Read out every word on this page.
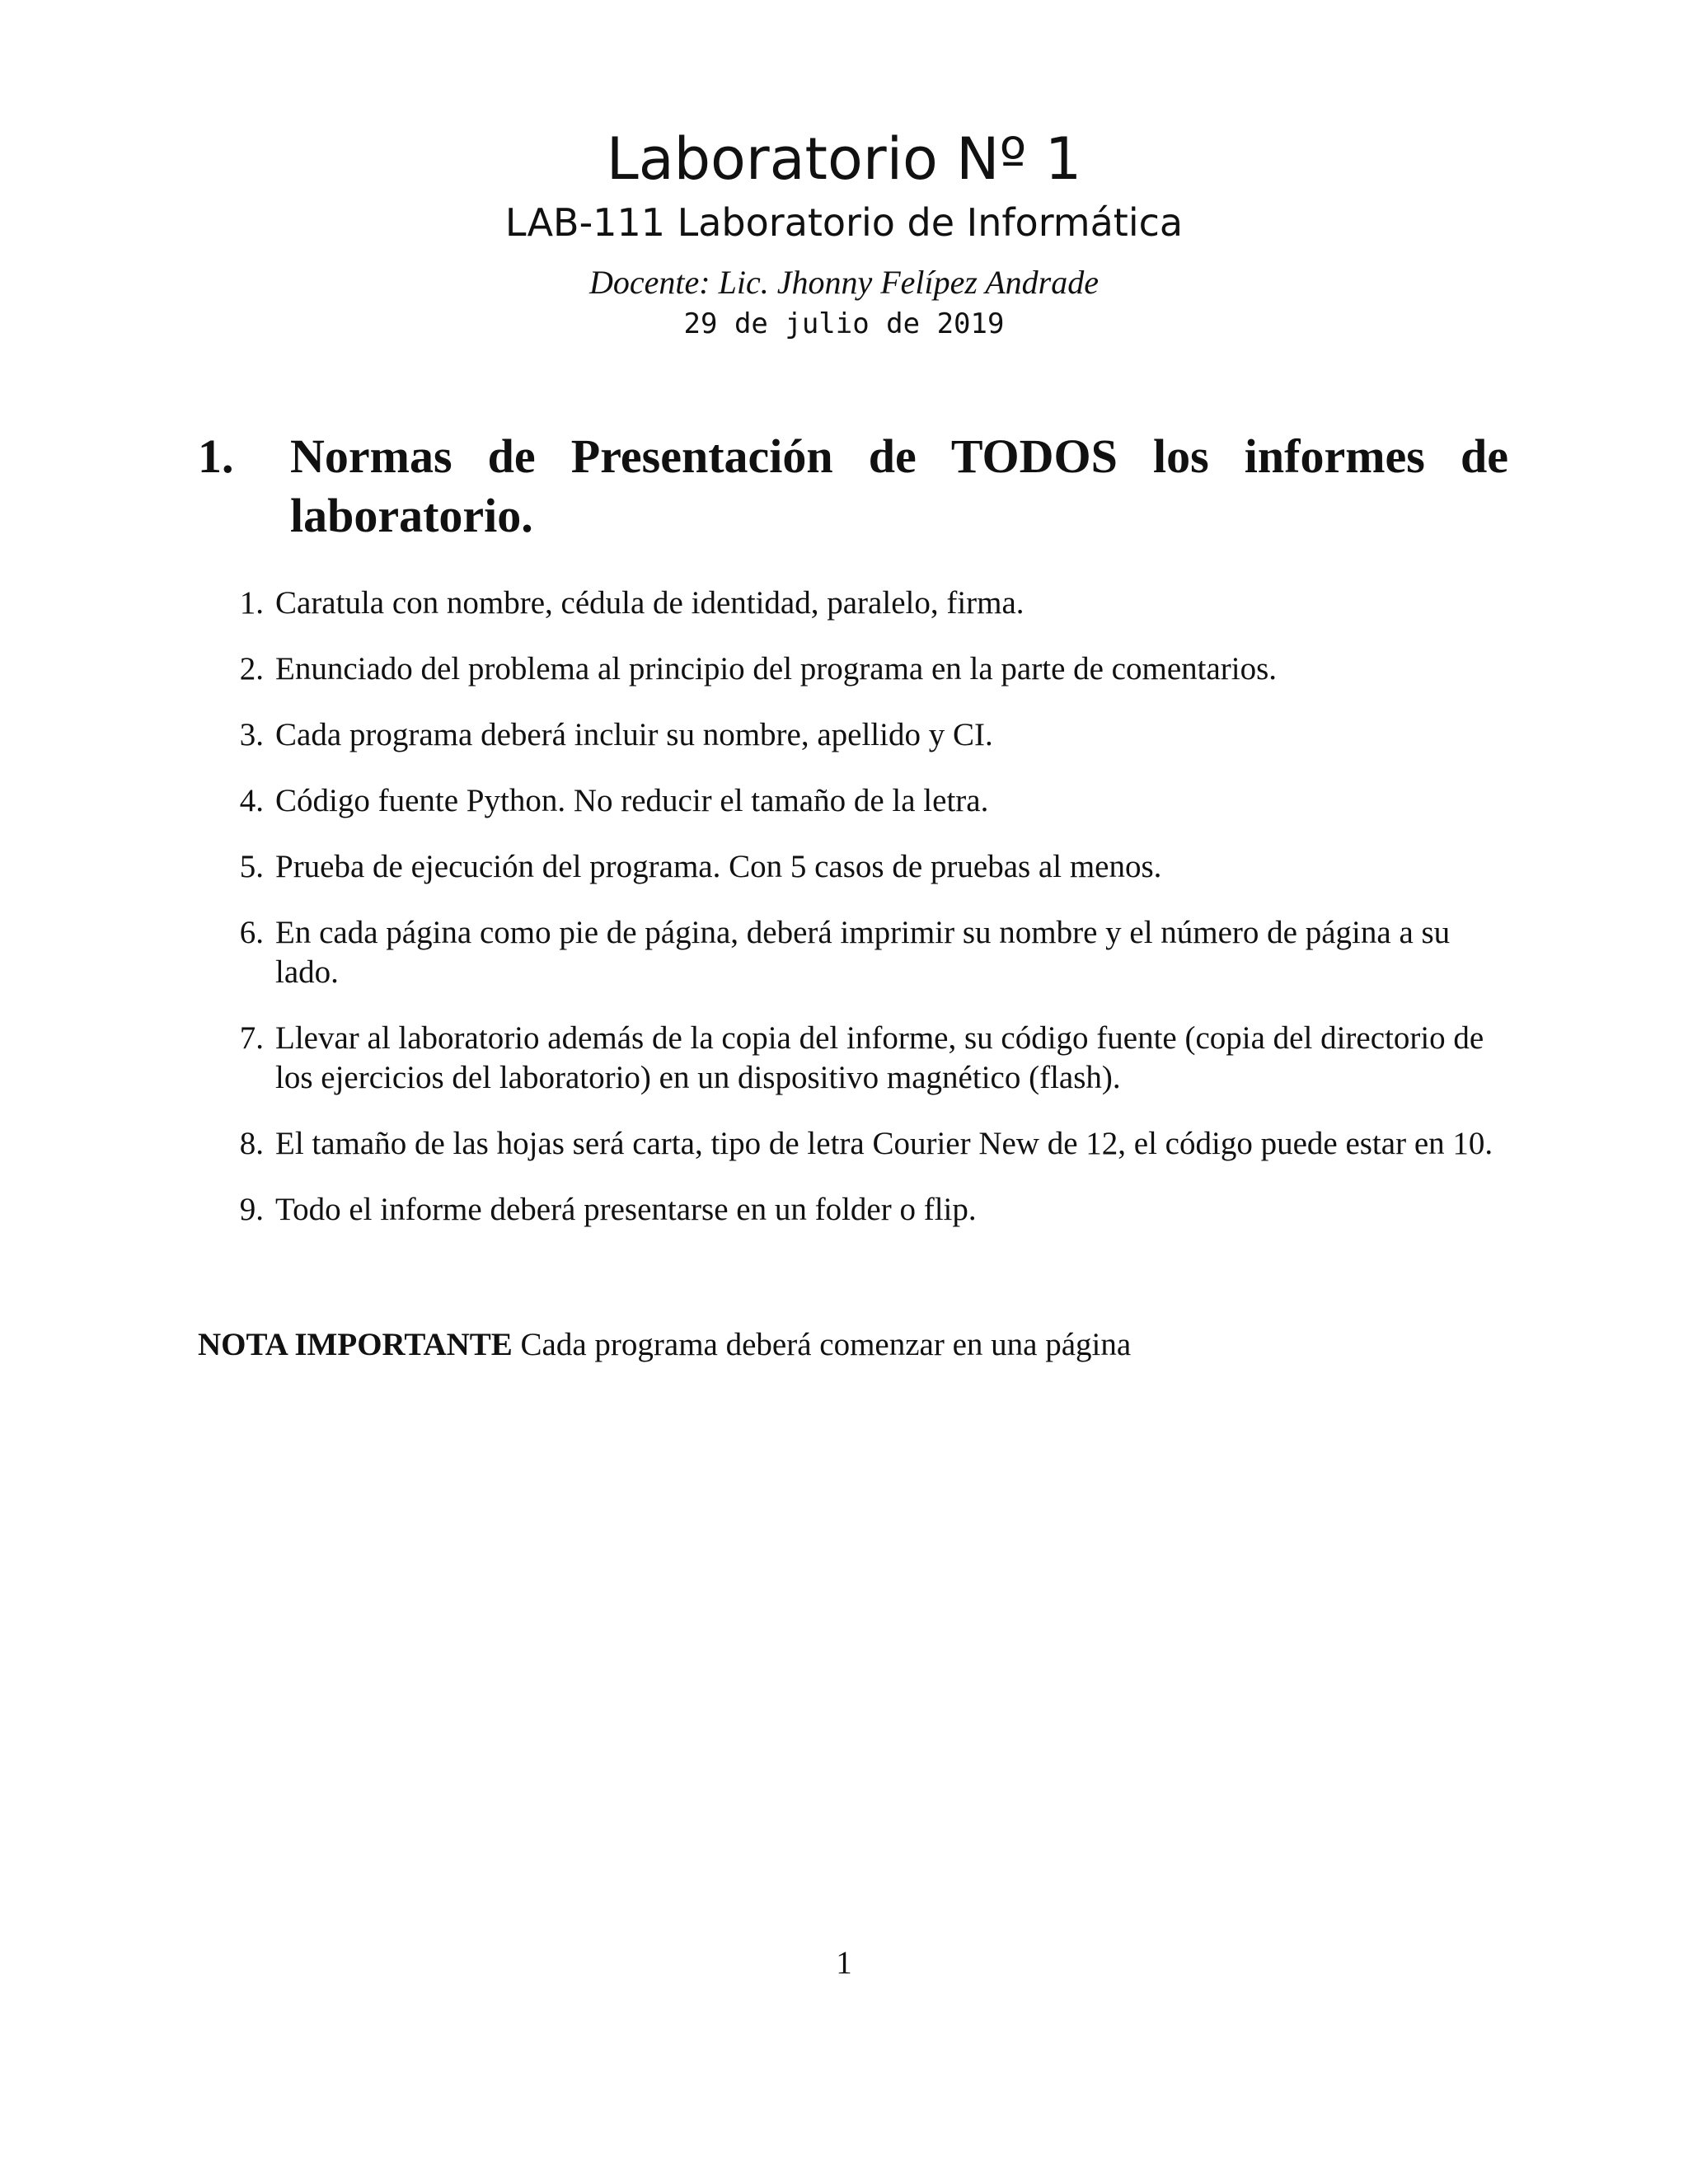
Laboratorio Nº 1

LAB-111 Laboratorio de Informática

Docente: Lic. Jhonny Felípez Andrade

29 de julio de 2019

1. Normas de Presentación de TODOS los informes de laboratorio.
1. Caratula con nombre, cédula de identidad, paralelo, firma.
2. Enunciado del problema al principio del programa en la parte de comentarios.
3. Cada programa deberá incluir su nombre, apellido y CI.
4. Código fuente Python. No reducir el tamaño de la letra.
5. Prueba de ejecución del programa. Con 5 casos de pruebas al menos.
6. En cada página como pie de página, deberá imprimir su nombre y el número de página a su lado.
7. Llevar al laboratorio además de la copia del informe, su código fuente (copia del directorio de los ejercicios del laboratorio) en un dispositivo magnético (flash).
8. El tamaño de las hojas será carta, tipo de letra Courier New de 12, el código puede estar en 10.
9. Todo el informe deberá presentarse en un folder o flip.

NOTA IMPORTANTE Cada programa deberá comenzar en una página

1
